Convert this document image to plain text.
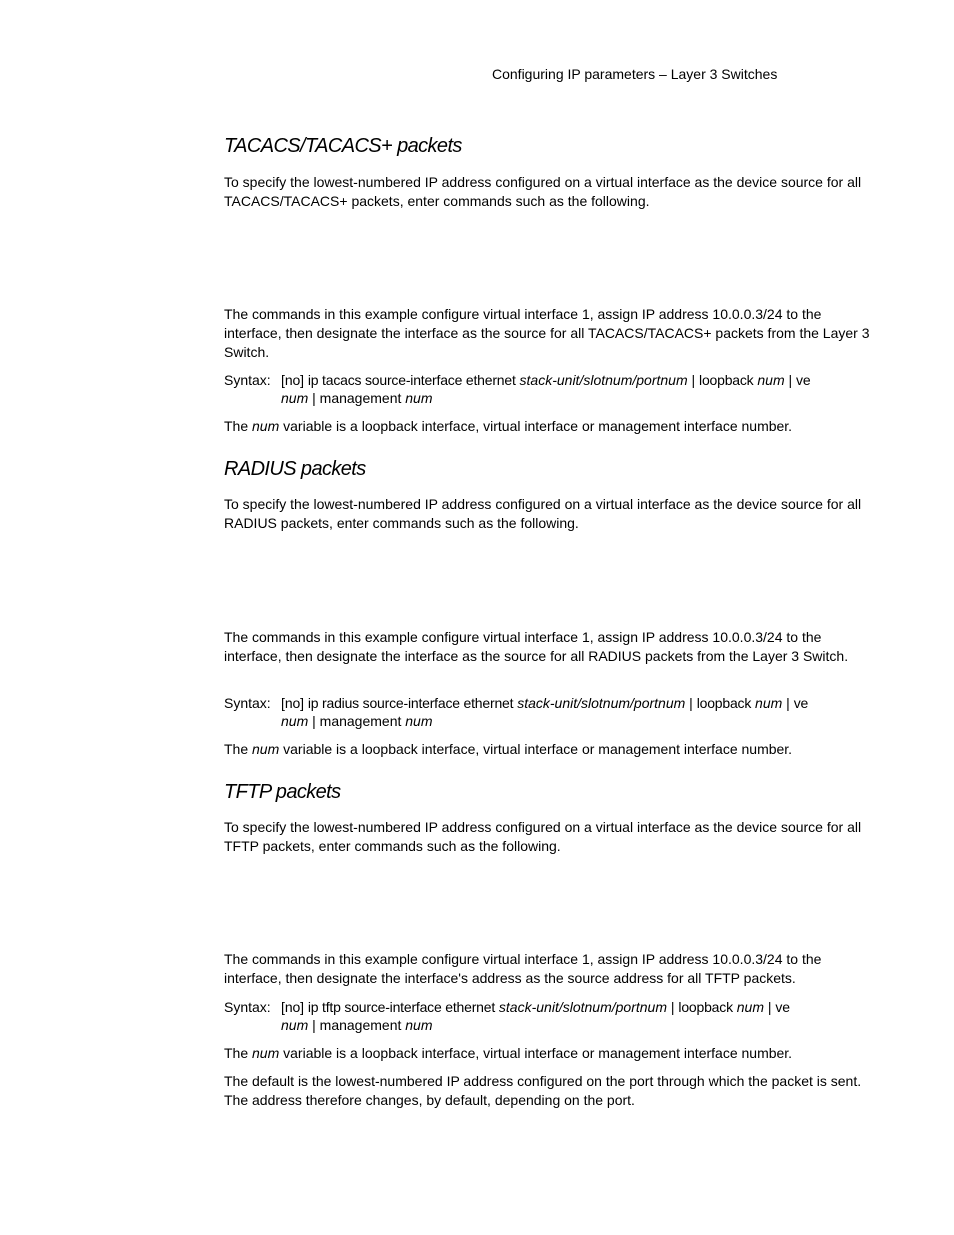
Configuring IP parameters – Layer 3 Switches
TACACS/TACACS+ packets

To specify the lowest-numbered IP address configured on a virtual interface as the device source for all TACACS/TACACS+ packets, enter commands such as the following.

The commands in this example configure virtual interface 1, assign IP address 10.0.0.3/24 to the interface, then designate the interface as the source for all TACACS/TACACS+ packets from the Layer 3 Switch.

Syntax: [no] ip tacacs source-interface ethernet stack-unit/slotnum/portnum | loopback num | ve
num | management num

The num variable is a loopback interface, virtual interface or management interface number.

RADIUS packets

To specify the lowest-numbered IP address configured on a virtual interface as the device source for all RADIUS packets, enter commands such as the following.

The commands in this example configure virtual interface 1, assign IP address 10.0.0.3/24 to the interface, then designate the interface as the source for all RADIUS packets from the Layer 3 Switch.

Syntax: [no] ip radius source-interface ethernet stack-unit/slotnum/portnum | loopback num | ve
num | management num

The num variable is a loopback interface, virtual interface or management interface number.

TFTP packets

To specify the lowest-numbered IP address configured on a virtual interface as the device source for all TFTP packets, enter commands such as the following.

The commands in this example configure virtual interface 1, assign IP address 10.0.0.3/24 to the interface, then designate the interface's address as the source address for all TFTP packets.

Syntax: [no] ip tftp source-interface ethernet stack-unit/slotnum/portnum | loopback num | ve
num | management num

The num variable is a loopback interface, virtual interface or management interface number.

The default is the lowest-numbered IP address configured on the port through which the packet is sent. The address therefore changes, by default, depending on the port.
